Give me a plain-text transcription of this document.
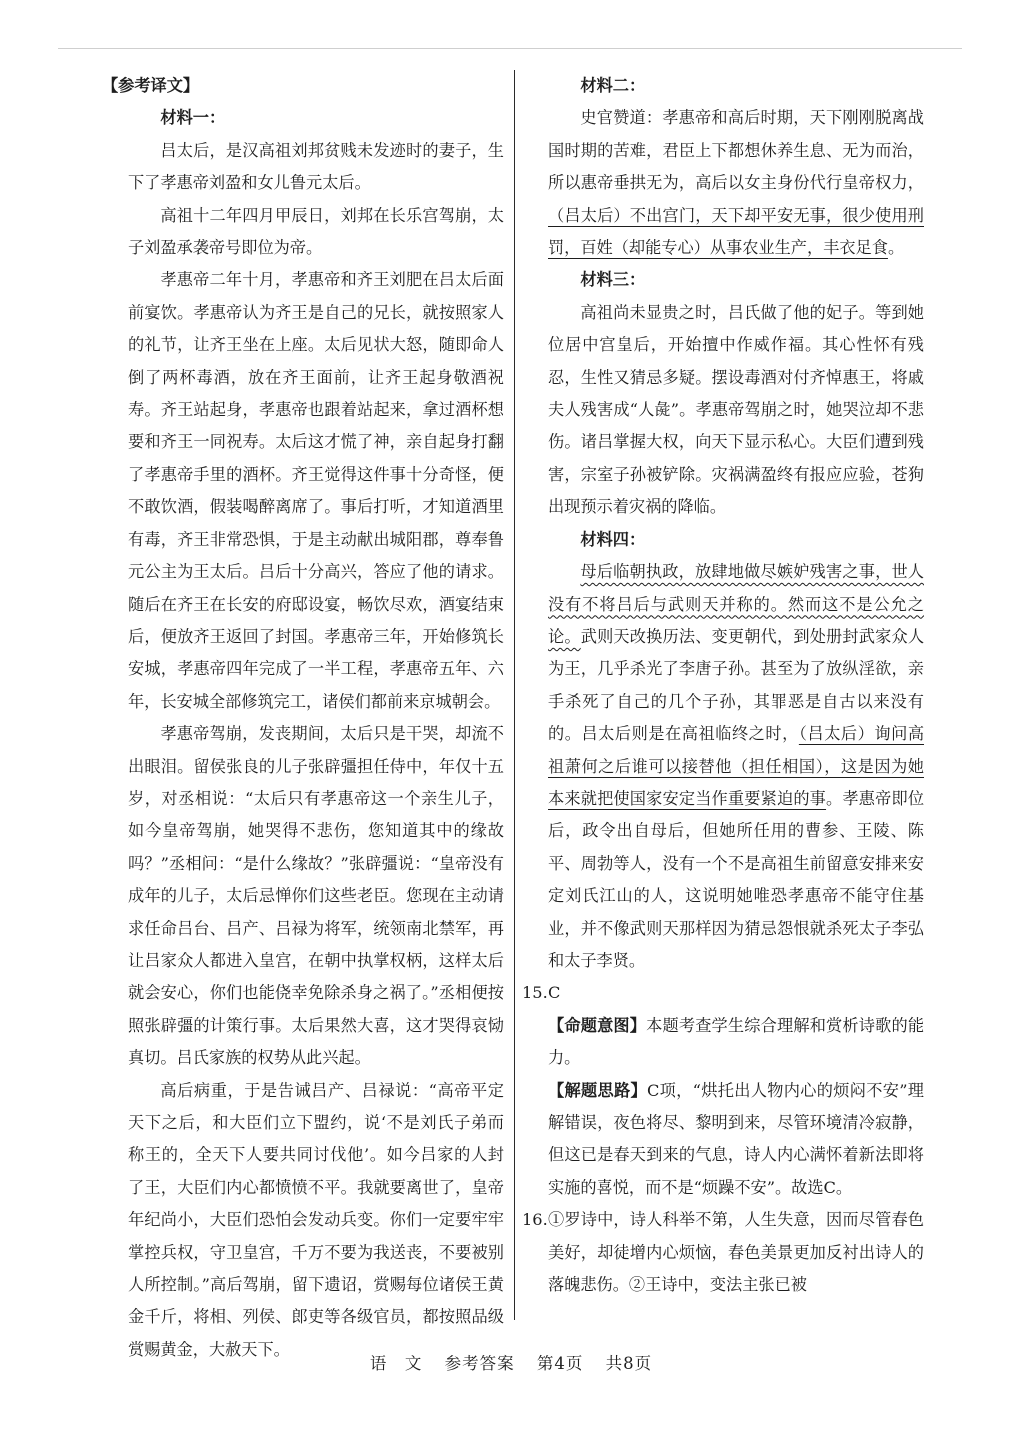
【参考译文】

材料一：

吕太后，是汉高祖刘邦贫贱未发迹时的妻子，生下了孝惠帝刘盈和女儿鲁元太后。

高祖十二年四月甲辰日，刘邦在长乐宫驾崩，太子刘盈承袭帝号即位为帝。

孝惠帝二年十月，孝惠帝和齐王刘肥在吕太后面前宴饮。孝惠帝认为齐王是自己的兄长，就按照家人的礼节，让齐王坐在上座。太后见状大怒，随即命人倒了两杯毒酒，放在齐王面前，让齐王起身敬酒祝寿。齐王站起身，孝惠帝也跟着站起来，拿过酒杯想要和齐王一同祝寿。太后这才慌了神，亲自起身打翻了孝惠帝手里的酒杯。齐王觉得这件事十分奇怪，便不敢饮酒，假装喝醉离席了。事后打听，才知道酒里有毒，齐王非常恐惧，于是主动献出城阳郡，尊奉鲁元公主为王太后。吕后十分高兴，答应了他的请求。随后在齐王在长安的府邸设宴，畅饮尽欢，酒宴结束后，便放齐王返回了封国。孝惠帝三年，开始修筑长安城，孝惠帝四年完成了一半工程，孝惠帝五年、六年，长安城全部修筑完工，诸侯们都前来京城朝会。

孝惠帝驾崩，发丧期间，太后只是干哭，却流不出眼泪。留侯张良的儿子张辟彊担任侍中，年仅十五岁，对丞相说：“太后只有孝惠帝这一个亲生儿子，如今皇帝驾崩，她哭得不悲伤，您知道其中的缘故吗？”丞相问：“是什么缘故？”张辟彊说：“皇帝没有成年的儿子，太后忌惮你们这些老臣。您现在主动请求任命吕台、吕产、吕禄为将军，统领南北禁军，再让吕家众人都进入皇宫，在朝中执掌权柄，这样太后就会安心，你们也能侥幸免除杀身之祸了。”丞相便按照张辟彊的计策行事。太后果然大喜，这才哭得哀恸真切。吕氏家族的权势从此兴起。

高后病重，于是告诫吕产、吕禄说：“高帝平定天下之后，和大臣们立下盟约，说‘不是刘氏子弟而称王的，全天下人要共同讨伐他’。如今吕家的人封了王，大臣们内心都愤愤不平。我就要离世了，皇帝年纪尚小，大臣们恐怕会发动兵变。你们一定要牢牢掌控兵权，守卫皇宫，千万不要为我送丧，不要被别人所控制。”高后驾崩，留下遗诏，赏赐每位诸侯王黄金千斤，将相、列侯、郎吏等各级官员，都按照品级赏赐黄金，大赦天下。

材料二：

史官赞道：孝惠帝和高后时期，天下刚刚脱离战国时期的苦难，君臣上下都想休养生息、无为而治，所以惠帝垂拱无为，高后以女主身份代行皇帝权力，（吕太后）不出宫门，天下却平安无事，很少使用刑罚，百姓（却能专心）从事农业生产，丰衣足食。

材料三：

高祖尚未显贵之时，吕氏做了他的妃子。等到她位居中宫皇后，开始擅中作威作福。其心性怀有残忍，生性又猜忌多疑。摆设毒酒对付齐悼惠王，将戚夫人残害成“人彘”。孝惠帝驾崩之时，她哭泣却不悲伤。诸吕掌握大权，向天下显示私心。大臣们遭到残害，宗室子孙被铲除。灾祸满盈终有报应应验，苍狗出现预示着灾祸的降临。

材料四：

母后临朝执政，放肆地做尽嫉妒残害之事，世人没有不将吕后与武则天并称的。然而这不是公允之论。武则天改换历法、变更朝代，到处册封武家众人为王，几乎杀光了李唐子孙。甚至为了放纵淫欲，亲手杀死了自己的几个子孙，其罪恶是自古以来没有的。吕太后则是在高祖临终之时，（吕太后）询问高祖萧何之后谁可以接替他（担任相国），这是因为她本来就把使国家安定当作重要紧迫的事。孝惠帝即位后，政令出自母后，但她所任用的曹参、王陵、陈平、周勃等人，没有一个不是高祖生前留意安排来安定刘氏江山的人，这说明她唯恐孝惠帝不能守住基业，并不像武则天那样因为猜忌怨恨就杀死太子李弘和太子李贤。

15. C

【命题意图】本题考查学生综合理解和赏析诗歌的能力。

【解题思路】C项，“烘托出人物内心的烦闷不安”理解错误，夜色将尽、黎明到来，尽管环境清冷寂静，但这已是春天到来的气息，诗人内心满怀着新法即将实施的喜悦，而不是“烦躁不安”。故选C。

16. ①罗诗中，诗人科举不第，人生失意，因而尽管春色美好，却徒增内心烦恼，春色美景更加反衬出诗人的落魄悲伤。②王诗中，变法主张已被

语　文 参考答案 第4页 共8页
